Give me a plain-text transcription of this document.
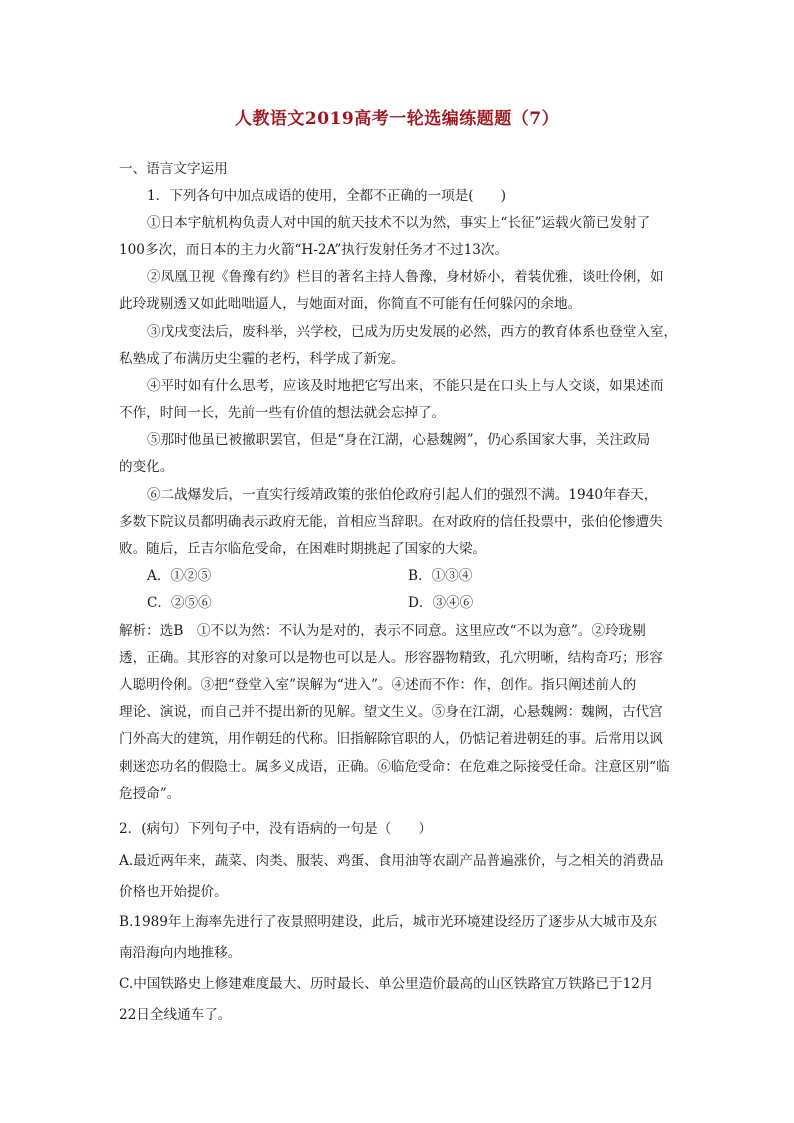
人教语文2019高考一轮选编练题题（7）
一、语言文字运用
1．下列各句中加点成语的使用，全都不正确的一项是(　　)
①日本宇航机构负责人对中国的航天技术不以为然，事实上“长征”运载火箭已发射了
100多次，而日本的主力火箭“H-2A”执行发射任务才不过13次。
②凤凰卫视《鲁豫有约》栏目的著名主持人鲁豫，身材娇小，着装优雅，谈吐伶俐，如
此玲珑剔透又如此咄咄逼人，与她面对面，你简直不可能有任何躲闪的余地。
③戊戌变法后，废科举，兴学校，已成为历史发展的必然，西方的教育体系也登堂入室，
私塾成了布满历史尘霾的老朽，科学成了新宠。
④平时如有什么思考，应该及时地把它写出来，不能只是在口头上与人交谈，如果述而
不作，时间一长，先前一些有价值的想法就会忘掉了。
⑤那时他虽已被撤职罢官，但是“身在江湖，心悬魏阙”，仍心系国家大事，关注政局
的变化。
⑥二战爆发后，一直实行绥靖政策的张伯伦政府引起人们的强烈不满。1940年春天，
多数下院议员都明确表示政府无能，首相应当辞职。在对政府的信任投票中，张伯伦惨遭失
败。随后，丘吉尔临危受命，在困难时期挑起了国家的大梁。
A．①②⑤	B．①③④
C．②⑤⑥	D．③④⑥
解析：选B　①不以为然：不认为是对的，表示不同意。这里应改“不以为意”。②玲珑剔
透，正确。其形容的对象可以是物也可以是人。形容器物精致，孔穴明晰，结构奇巧；形容
人聪明伶俐。③把“登堂入室”误解为“进入”。④述而不作：作，创作。指只阐述前人的
理论、演说，而自己并不提出新的见解。望文生义。⑤身在江湖，心悬魏阙：魏阙，古代宫
门外高大的建筑，用作朝廷的代称。旧指解除官职的人，仍惦记着进朝廷的事。后常用以讽
刺迷恋功名的假隐士。属多义成语，正确。⑥临危受命：在危难之际接受任命。注意区别“临
危授命”。
2．(病句）下列句子中，没有语病的一句是（　　）
A.最近两年来，蔬菜、肉类、服装、鸡蛋、食用油等农副产品普遍涨价，与之相关的消费品
价格也开始提价。
B.1989年上海率先进行了夜景照明建设，此后，城市光环境建设经历了逐步从大城市及东
南沿海向内地推移。
C.中国铁路史上修建难度最大、历时最长、单公里造价最高的山区铁路宜万铁路已于12月
22日全线通车了。
